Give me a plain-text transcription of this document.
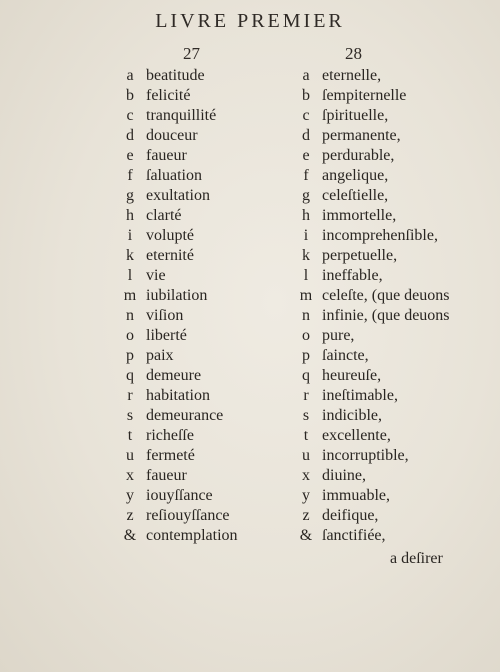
LIVRE PREMIER
27	28
a beatitude
b felicité
c tranquillité
d douceur
e faueur
f ſaluation
g exultation
h clarté
i volupté
k eternité
l vie
m iubilation
n viſion
o liberté
p paix
q demeure
r habitation
s demeurance
t richeſſe
u fermeté
x faueur
y iouyſſance
z reſiouyſſance
& contemplation
a eternelle,
b ſempiternelle
c ſpirituelle,
d permanente,
e perdurable,
f angelique,
g celeſtielle,
h immortelle,
i incomprehenſible,
k perpetuelle,
l ineffable,
m celeſte, (que deuons
n infinie, (que deuons
o pure,
p ſaincte,
q heureuſe,
r ineſtimable,
s indicible,
t excellente,
u incorruptible,
x diuine,
y immuable,
z deifique,
& ſanctifiée,
a deſirer
